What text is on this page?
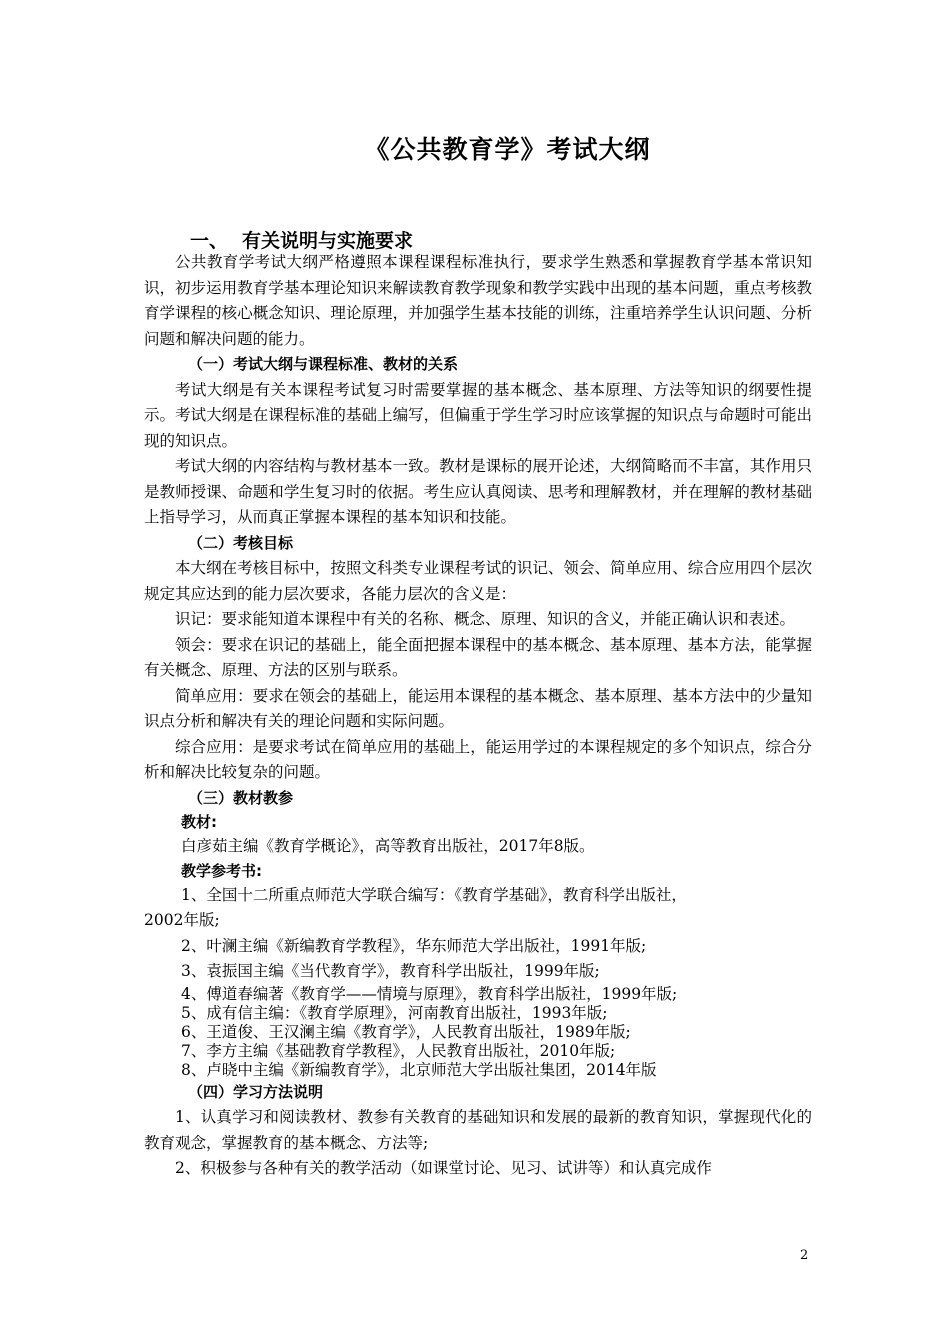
《公共教育学》考试大纲
一、 有关说明与实施要求

公共教育学考试大纲严格遵照本课程课程标准执行，要求学生熟悉和掌握教育学基本常识知识，初步运用教育学基本理论知识来解读教育教学现象和教学实践中出现的基本问题，重点考核教育学课程的核心概念知识、理论原理，并加强学生基本技能的训练，注重培养学生认识问题、分析问题和解决问题的能力。

（一）考试大纲与课程标准、教材的关系

考试大纲是有关本课程考试复习时需要掌握的基本概念、基本原理、方法等知识的纲要性提示。考试大纲是在课程标准的基础上编写，但偏重于学生学习时应该掌握的知识点与命题时可能出现的知识点。

考试大纲的内容结构与教材基本一致。教材是课标的展开论述，大纲简略而不丰富，其作用只是教师授课、命题和学生复习时的依据。考生应认真阅读、思考和理解教材，并在理解的教材基础上指导学习，从而真正掌握本课程的基本知识和技能。

（二）考核目标

本大纲在考核目标中，按照文科类专业课程考试的识记、领会、简单应用、综合应用四个层次规定其应达到的能力层次要求，各能力层次的含义是：

识记：要求能知道本课程中有关的名称、概念、原理、知识的含义，并能正确认识和表述。

领会：要求在识记的基础上，能全面把握本课程中的基本概念、基本原理、基本方法，能掌握有关概念、原理、方法的区别与联系。

简单应用：要求在领会的基础上，能运用本课程的基本概念、基本原理、基本方法中的少量知识点分析和解决有关的理论问题和实际问题。

综合应用：是要求考试在简单应用的基础上，能运用学过的本课程规定的多个知识点，综合分析和解决比较复杂的问题。

（三）教材教参
教材:

白彦茹主编《教育学概论》，高等教育出版社，2017年8版。

教学参考书:

1、全国十二所重点师范大学联合编写：《教育学基础》，教育科学出版社，
2002年版;

2、叶澜主编《新编教育学教程》，华东师范大学出版社，1991年版;

3、袁振国主编《当代教育学》，教育科学出版社，1999年版;

4、傅道春编著《教育学——情境与原理》，教育科学出版社，1999年版;

5、成有信主编：《教育学原理》，河南教育出版社，1993年版;

6、王道俊、王汉澜主编《教育学》，人民教育出版社，1989年版;

7、李方主编《基础教育学教程》，人民教育出版社，2010年版;

8、卢晓中主编《新编教育学》，北京师范大学出版社集团，2014年版

（四）学习方法说明

1、认真学习和阅读教材、教参有关教育的基础知识和发展的最新的教育知识，掌握现代化的教育观念，掌握教育的基本概念、方法等;

2、积极参与各种有关的教学活动（如课堂讨论、见习、试讲等）和认真完成作

2
